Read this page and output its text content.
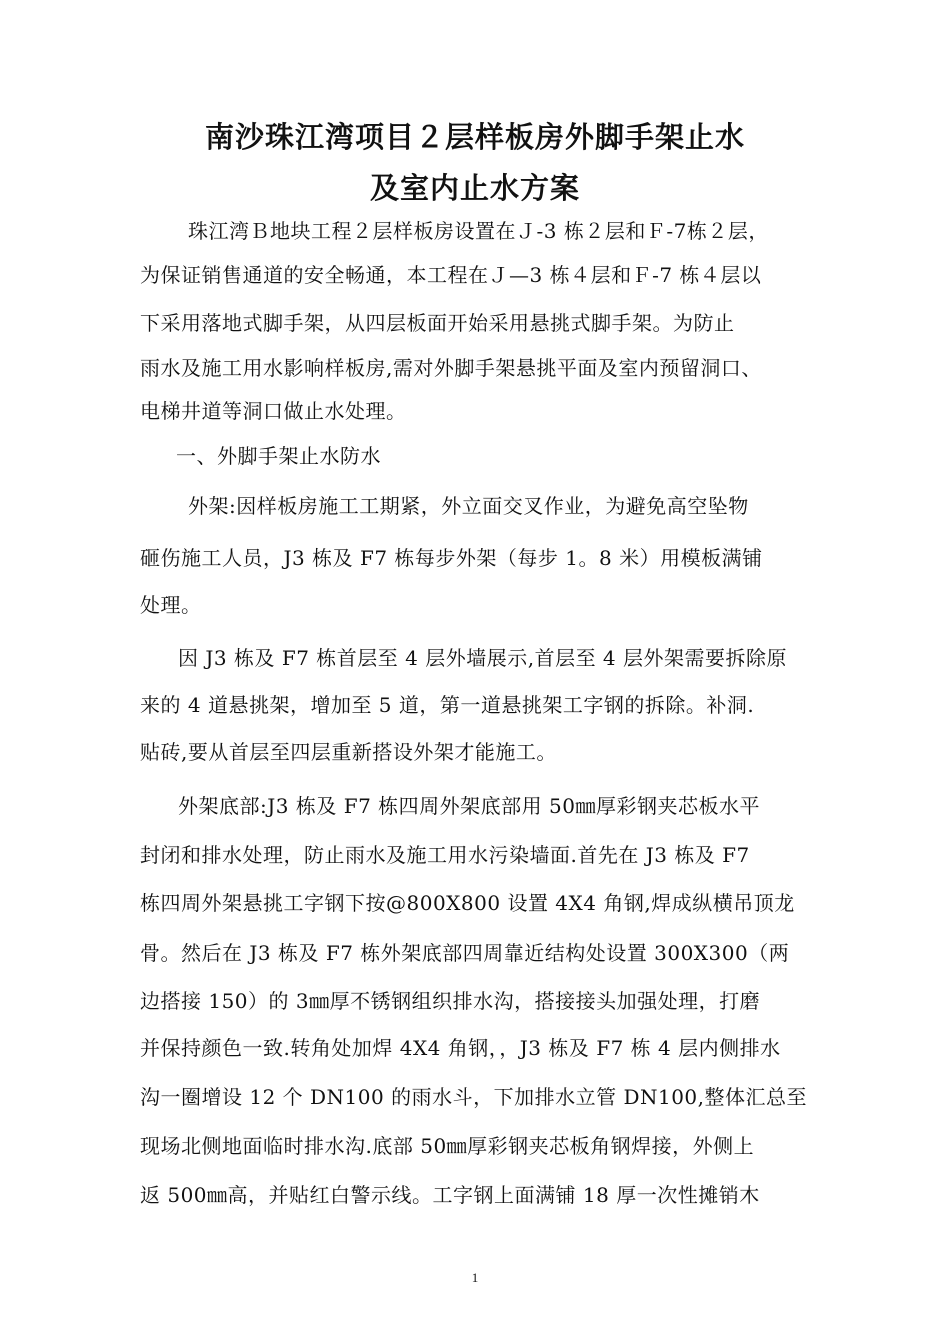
南沙珠江湾项目２层样板房外脚手架止水
及室内止水方案
珠江湾Ｂ地块工程２层样板房设置在Ｊ-3 栋２层和Ｆ-7栋２层，
为保证销售通道的安全畅通，本工程在Ｊ—3 栋４层和Ｆ-7 栋４层以
下采用落地式脚手架，从四层板面开始采用悬挑式脚手架。为防止
雨水及施工用水影响样板房,需对外脚手架悬挑平面及室内预留洞口、
电梯井道等洞口做止水处理。
一、外脚手架止水防水
外架:因样板房施工工期紧，外立面交叉作业，为避免高空坠物
砸伤施工人员，J3 栋及 F7 栋每步外架（每步 1。8 米）用模板满铺
处理。
因 J3 栋及 F7 栋首层至 4 层外墙展示,首层至 4 层外架需要拆除原
来的 4 道悬挑架，增加至 5 道，第一道悬挑架工字钢的拆除。补洞.
贴砖,要从首层至四层重新搭设外架才能施工。
外架底部:J3 栋及 F7 栋四周外架底部用 50㎜厚彩钢夹芯板水平
封闭和排水处理，防止雨水及施工用水污染墙面.首先在 J3 栋及 F7
栋四周外架悬挑工字钢下按@800X800 设置 4X4 角钢,焊成纵横吊顶龙
骨。然后在 J3 栋及 F7 栋外架底部四周靠近结构处设置 300X300（两
边搭接 150）的 3㎜厚不锈钢组织排水沟，搭接接头加强处理，打磨
并保持颜色一致.转角处加焊 4X4 角钢，，J3 栋及 F7 栋 4 层内侧排水
沟一圈增设 12 个 DN100 的雨水斗，下加排水立管 DN100,整体汇总至
现场北侧地面临时排水沟.底部 50㎜厚彩钢夹芯板角钢焊接，外侧上
返 500㎜高，并贴红白警示线。工字钢上面满铺 18 厚一次性摊销木
1
